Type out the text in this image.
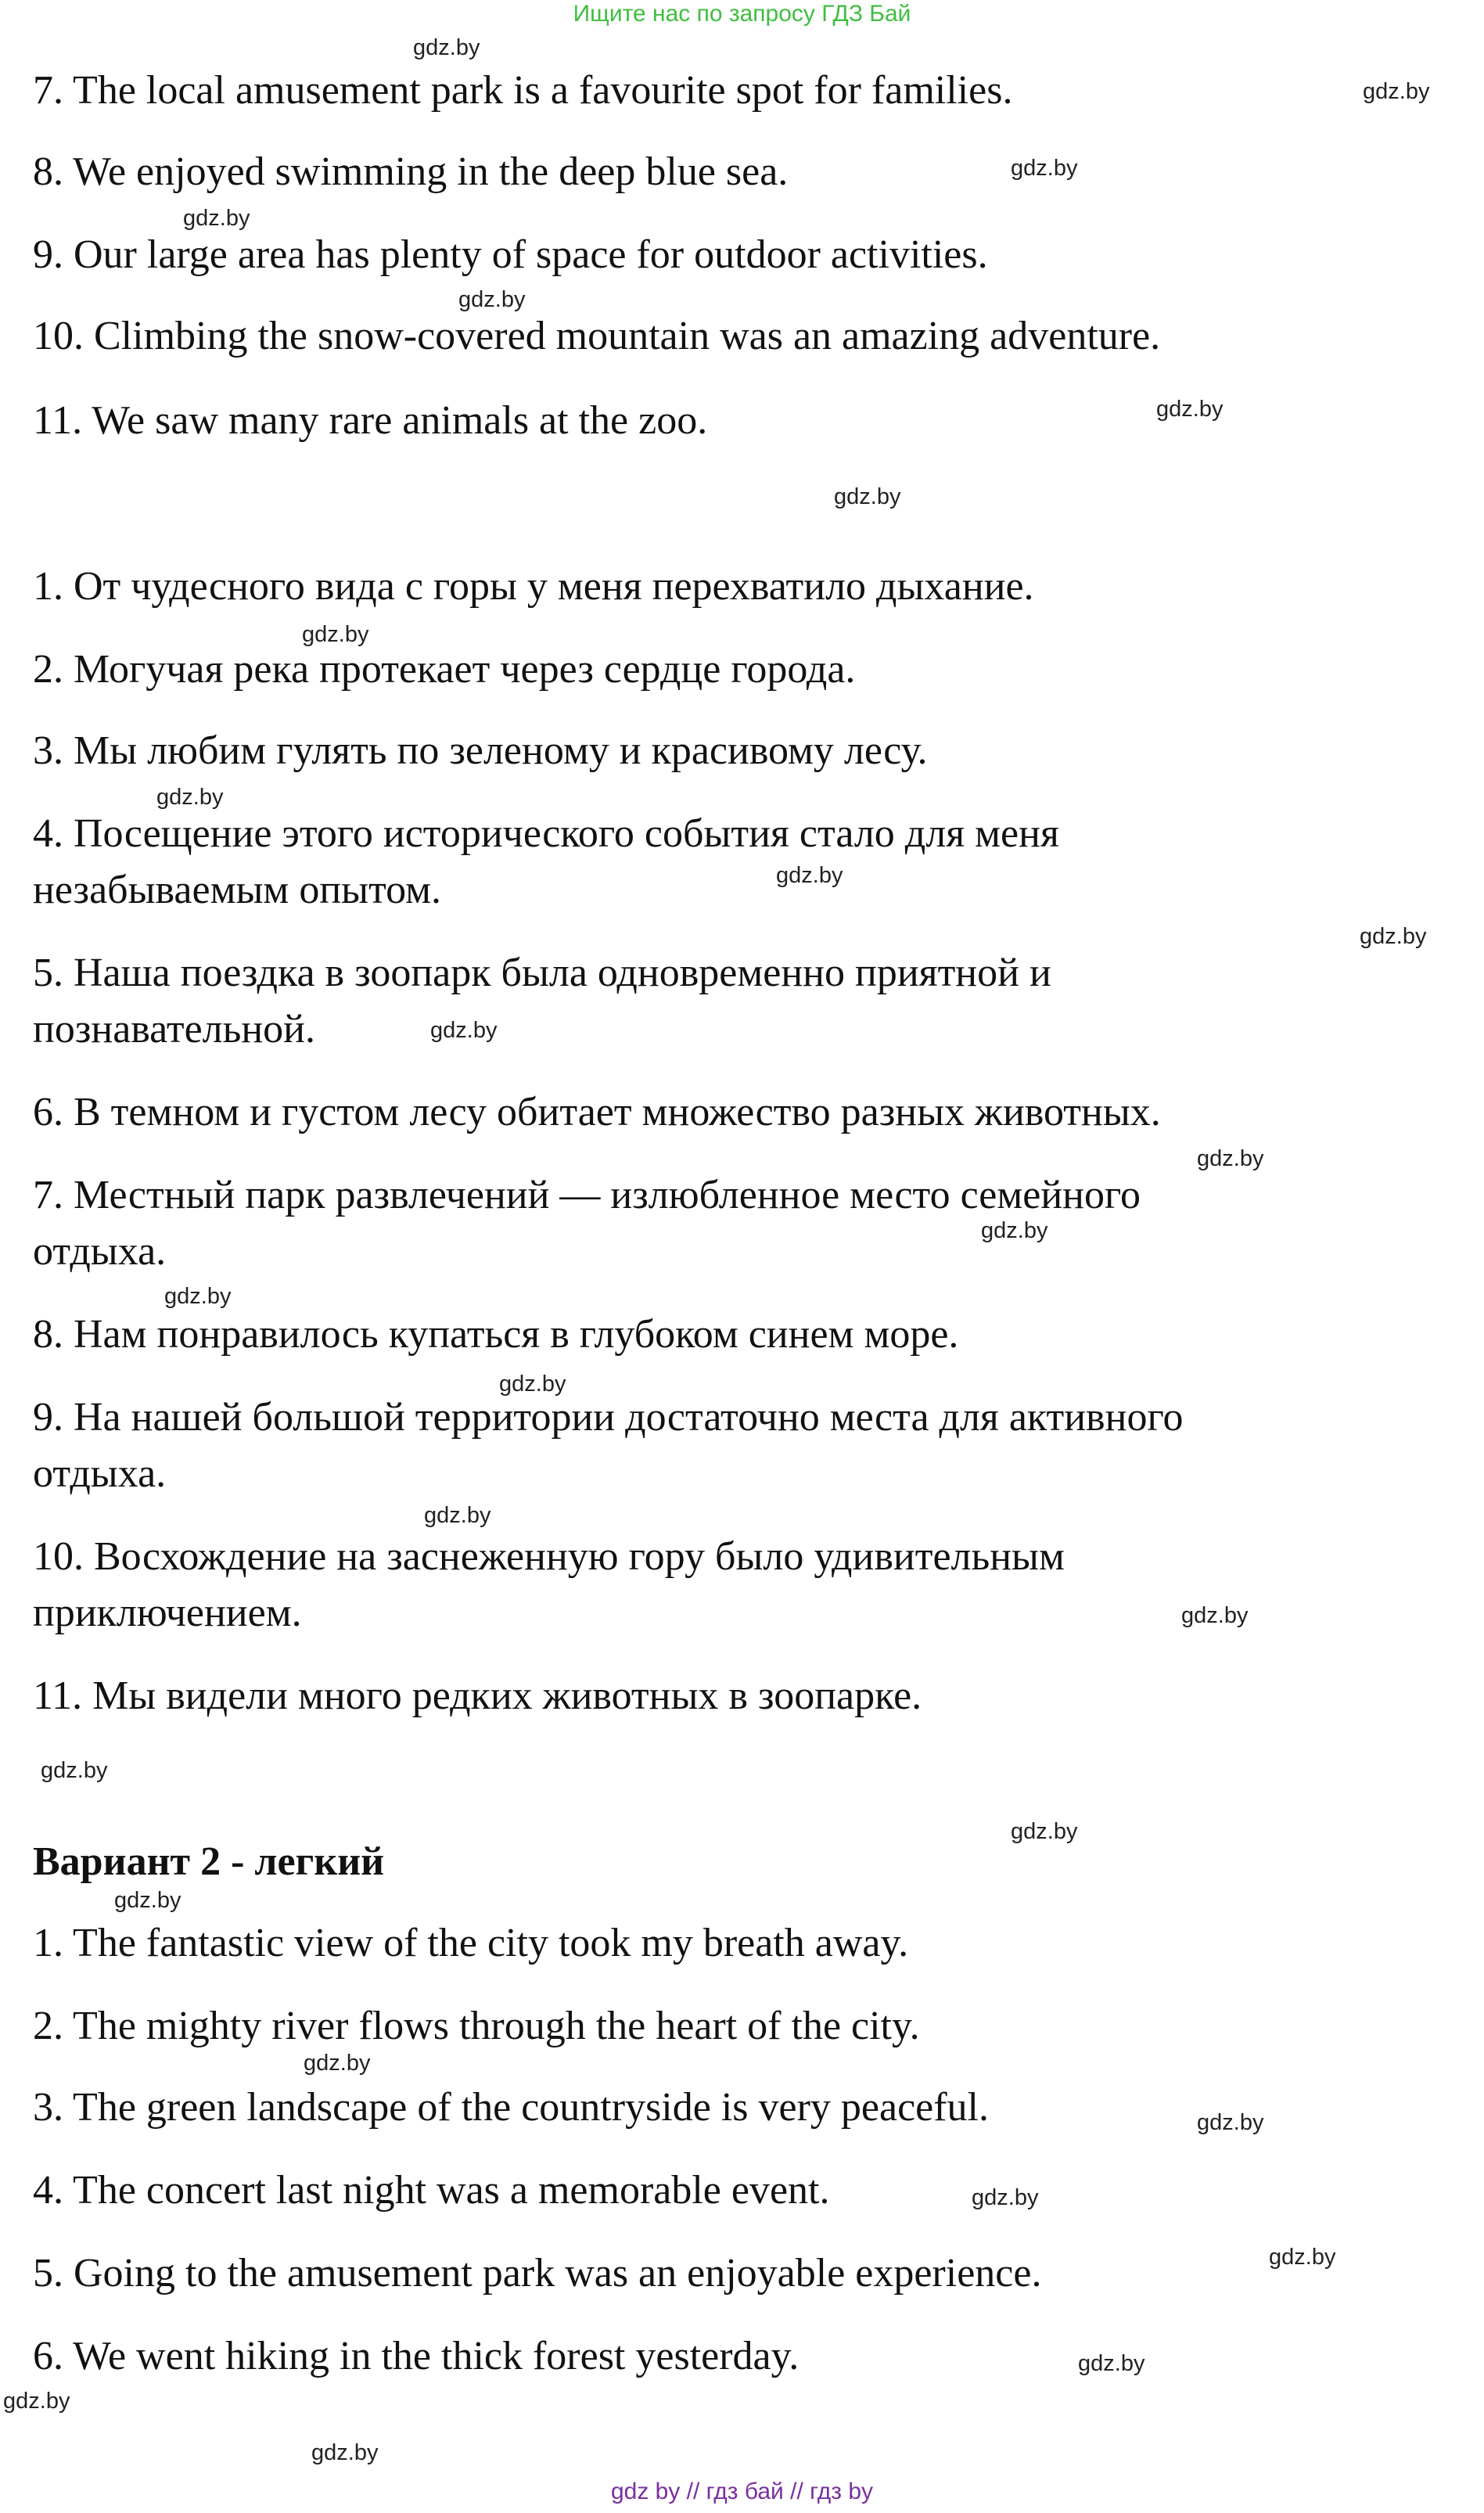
Ищите нас по запросу ГДЗ Бай

7. The local amusement park is a favourite spot for families.

8. We enjoyed swimming in the deep blue sea.

9. Our large area has plenty of space for outdoor activities.

10. Climbing the snow-covered mountain was an amazing adventure.

11. We saw many rare animals at the zoo.

1. От чудесного вида с горы у меня перехватило дыхание.

2. Могучая река протекает через сердце города.

3. Мы любим гулять по зеленому и красивому лесу.

4. Посещение этого исторического события стало для меня

незабываемым опытом.

5. Наша поездка в зоопарк была одновременно приятной и

познавательной.

6. В темном и густом лесу обитает множество разных животных.

7. Местный парк развлечений — излюбленное место семейного

отдыха.

8. Нам понравилось купаться в глубоком синем море.

9. На нашей большой территории достаточно места для активного

отдыха.

10. Восхождение на заснеженную гору было удивительным

приключением.

11. Мы видели много редких животных в зоопарке.

Вариант 2 - легкий

1. The fantastic view of the city took my breath away.

2. The mighty river flows through the heart of the city.

3. The green landscape of the countryside is very peaceful.

4. The concert last night was a memorable event.

5. Going to the amusement park was an enjoyable experience.

6. We went hiking in the thick forest yesterday.

gdz.by
gdz.by
gdz.by
gdz.by
gdz.by
gdz.by
gdz.by
gdz.by
gdz.by
gdz.by
gdz.by
gdz.by
gdz.by
gdz.by
gdz.by
gdz.by
gdz.by
gdz.by
gdz.by
gdz.by
gdz.by
gdz.by
gdz.by
gdz.by
gdz.by
gdz.by
gdz.by
gdz.by
gdz by // гдз бай // гдз by
